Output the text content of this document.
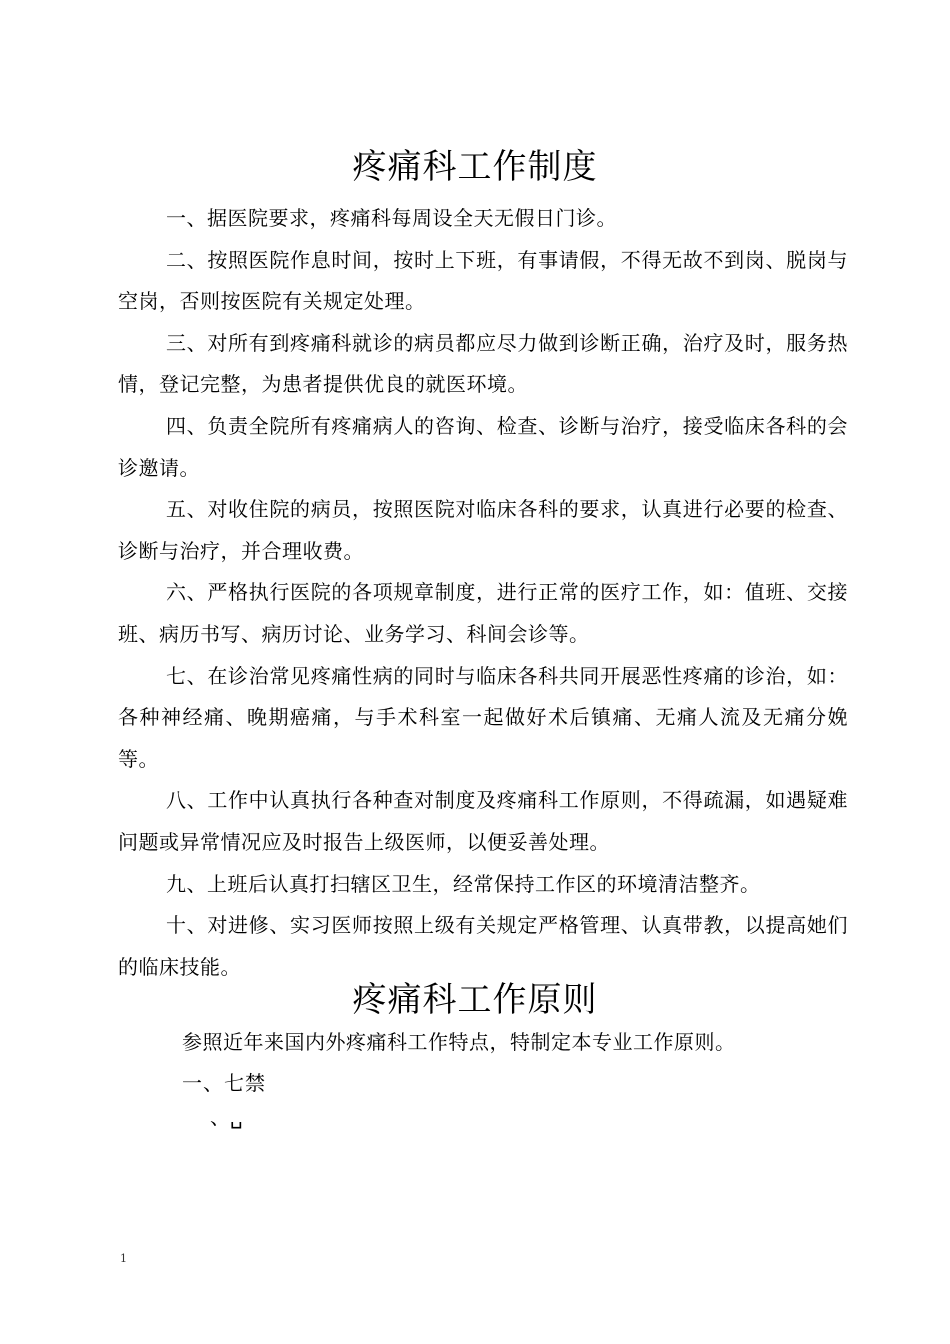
疼痛科工作制度
一、据医院要求，疼痛科每周设全天无假日门诊。
二、按照医院作息时间，按时上下班，有事请假，不得无故不到岗、脱岗与空岗，否则按医院有关规定处理。
三、对所有到疼痛科就诊的病员都应尽力做到诊断正确，治疗及时，服务热情，登记完整，为患者提供优良的就医环境。
四、负责全院所有疼痛病人的咨询、检查、诊断与治疗，接受临床各科的会诊邀请。
五、对收住院的病员，按照医院对临床各科的要求，认真进行必要的检查、诊断与治疗，并合理收费。
六、严格执行医院的各项规章制度，进行正常的医疗工作，如：值班、交接班、病历书写、病历讨论、业务学习、科间会诊等。
七、在诊治常见疼痛性病的同时与临床各科共同开展恶性疼痛的诊治，如：各种神经痛、晚期癌痛，与手术科室一起做好术后镇痛、无痛人流及无痛分娩等。
八、工作中认真执行各种查对制度及疼痛科工作原则，不得疏漏，如遇疑难问题或异常情况应及时报告上级医师，以便妥善处理。
九、上班后认真打扫辖区卫生，经常保持工作区的环境清洁整齐。
十、对进修、实习医师按照上级有关规定严格管理、认真带教，以提高她们的临床技能。
疼痛科工作原则

参照近年来国内外疼痛科工作特点，特制定本专业工作原则。

一、七禁

、␣

1
